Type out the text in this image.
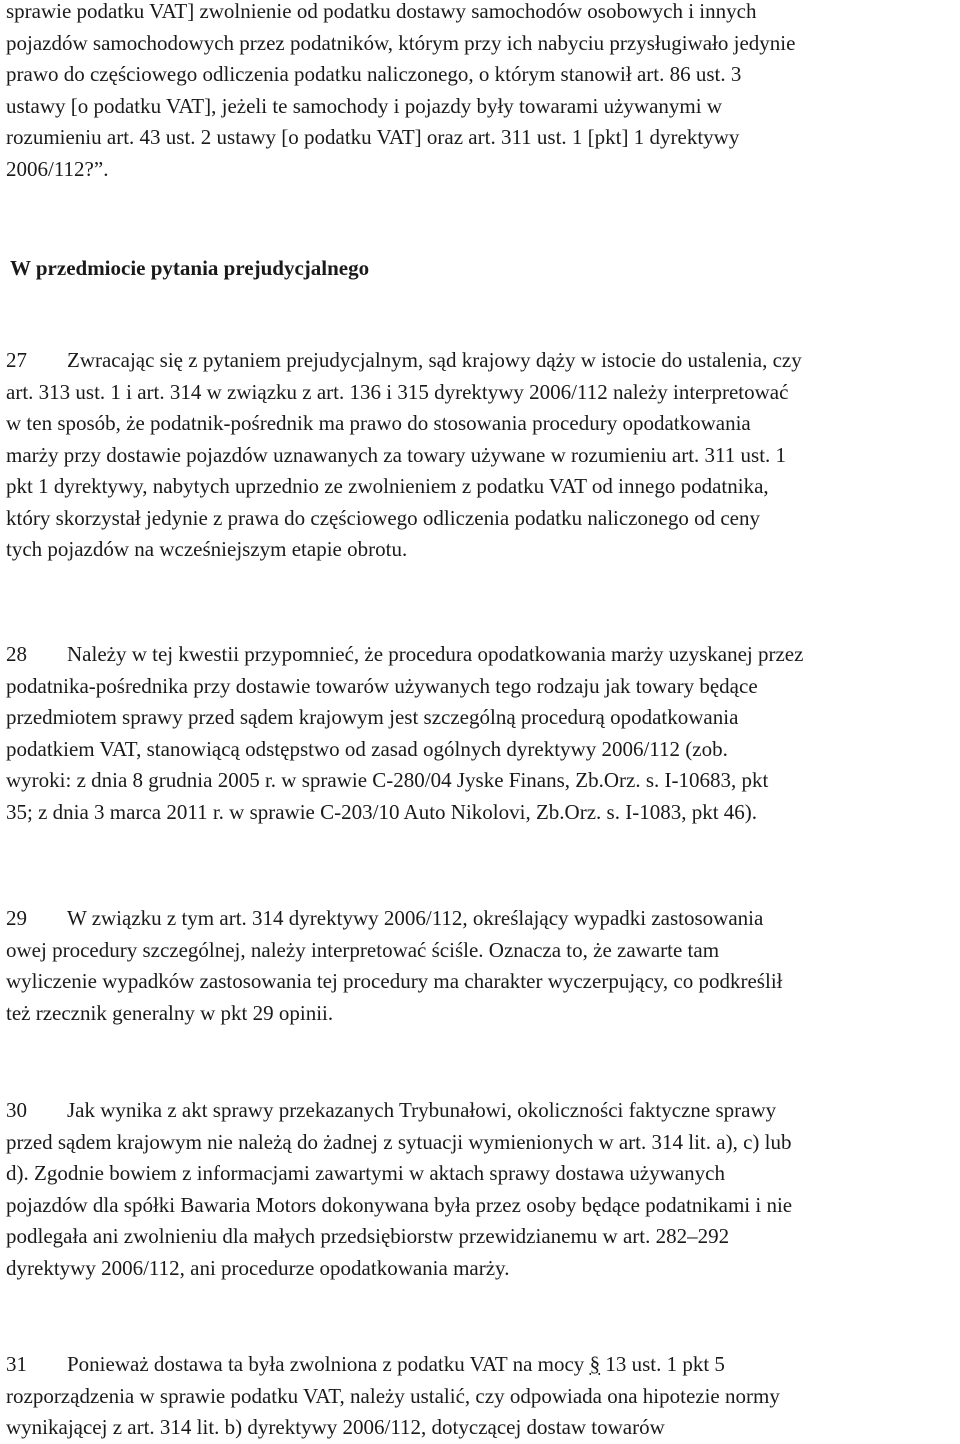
sprawie podatku VAT] zwolnienie od podatku dostawy samochodów osobowych i innych
pojazdów samochodowych przez podatników, którym przy ich nabyciu przysługiwało jedynie
prawo do częściowego odliczenia podatku naliczonego, o którym stanowił art. 86 ust. 3
ustawy [o podatku VAT], jeżeli te samochody i pojazdy były towarami używanymi w
rozumieniu art. 43 ust. 2 ustawy [o podatku VAT] oraz art. 311 ust. 1 [pkt] 1 dyrektywy
2006/112?”.
W przedmiocie pytania prejudycjalnego
27 Zwracając się z pytaniem prejudycjalnym, sąd krajowy dąży w istocie do ustalenia, czy
art. 313 ust. 1 i art. 314 w związku z art. 136 i 315 dyrektywy 2006/112 należy interpretować
w ten sposób, że podatnik‑pośrednik ma prawo do stosowania procedury opodatkowania
marży przy dostawie pojazdów uznawanych za towary używane w rozumieniu art. 311 ust. 1
pkt 1 dyrektywy, nabytych uprzednio ze zwolnieniem z podatku VAT od innego podatnika,
który skorzystał jedynie z prawa do częściowego odliczenia podatku naliczonego od ceny
tych pojazdów na wcześniejszym etapie obrotu.
28 Należy w tej kwestii przypomnieć, że procedura opodatkowania marży uzyskanej przez
podatnika‑pośrednika przy dostawie towarów używanych tego rodzaju jak towary będące
przedmiotem sprawy przed sądem krajowym jest szczególną procedurą opodatkowania
podatkiem VAT, stanowiącą odstępstwo od zasad ogólnych dyrektywy 2006/112 (zob.
wyroki: z dnia 8 grudnia 2005 r. w sprawie C‑280/04 Jyske Finans, Zb.Orz. s. I‑10683, pkt
35; z dnia 3 marca 2011 r. w sprawie C‑203/10 Auto Nikolovi, Zb.Orz. s. I‑1083, pkt 46).
29 W związku z tym art. 314 dyrektywy 2006/112, określający wypadki zastosowania
owej procedury szczególnej, należy interpretować ściśle. Oznacza to, że zawarte tam
wyliczenie wypadków zastosowania tej procedury ma charakter wyczerpujący, co podkreślił
też rzecznik generalny w pkt 29 opinii.
30 Jak wynika z akt sprawy przekazanych Trybunałowi, okoliczności faktyczne sprawy
przed sądem krajowym nie należą do żadnej z sytuacji wymienionych w art. 314 lit. a), c) lub
d). Zgodnie bowiem z informacjami zawartymi w aktach sprawy dostawa używanych
pojazdów dla spółki Bawaria Motors dokonywana była przez osoby będące podatnikami i nie
podlegała ani zwolnieniu dla małych przedsiębiorstw przewidzianemu w art. 282–292
dyrektywy 2006/112, ani procedurze opodatkowania marży.
31 Ponieważ dostawa ta była zwolniona z podatku VAT na mocy § 13 ust. 1 pkt 5
rozporządzenia w sprawie podatku VAT, należy ustalić, czy odpowiada ona hipotezie normy
wynikającej z art. 314 lit. b) dyrektywy 2006/112, dotyczącej dostaw towarów
